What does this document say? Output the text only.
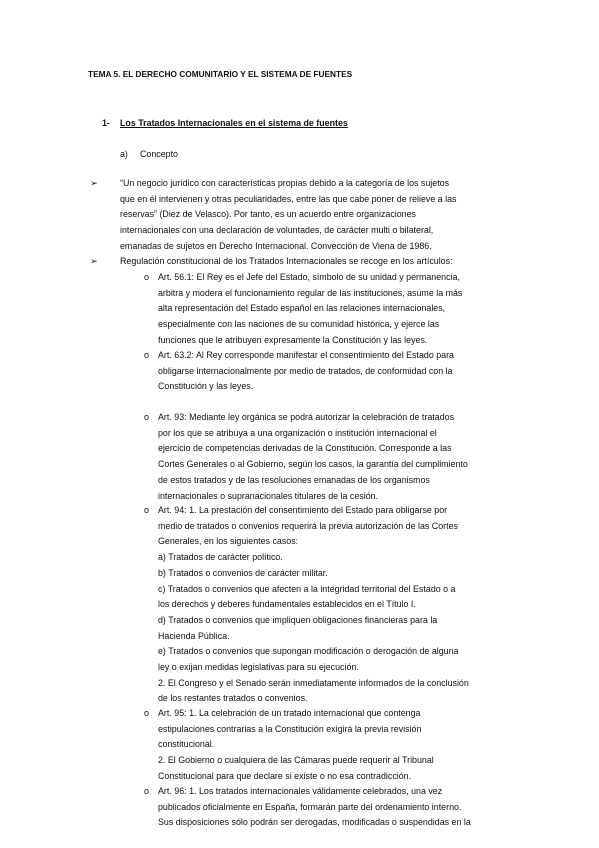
TEMA 5. EL DERECHO COMUNITARIO Y EL SISTEMA DE FUENTES
1- Los Tratados Internacionales en el sistema de fuentes
a) Concepto
➢ “Un negocio jurídico con características propias debido a la categoría de los sujetos
que en él intervienen y otras peculiaridades, entre las que cabe poner de relieve a las
reservas” (Diez de Velasco). Por tanto, es un acuerdo entre organizaciones
internacionales con una declaración de voluntades, de carácter multi o bilateral,
emanadas de sujetos en Derecho Internacional. Convección de Viena de 1986.
➢ Regulación constitucional de los Tratados Internacionales se recoge en los artículos:
o Art. 56.1: El Rey es el Jefe del Estado, símbolo de su unidad y permanencia,
arbitra y modera el funcionamiento regular de las instituciones, asume la más
alta representación del Estado español en las relaciones internacionales,
especialmente con las naciones de su comunidad histórica, y ejerce las
funciones que le atribuyen expresamente la Constitución y las leyes.
o Art. 63.2: Al Rey corresponde manifestar el consentimiento del Estado para
obligarse internacionalmente por medio de tratados, de conformidad con la
Constitución y las leyes.
o Art. 93: Mediante ley orgánica se podrá autorizar la celebración de tratados
por los que se atribuya a una organización o institución internacional el
ejercicio de competencias derivadas de la Constitución. Corresponde a las
Cortes Generales o al Gobierno, según los casos, la garantía del cumplimiento
de estos tratados y de las resoluciones emanadas de los organismos
internacionales o supranacionales titulares de la cesión.
o Art. 94: 1. La prestación del consentimiento del Estado para obligarse por
medio de tratados o convenios requerirá la previa autorización de las Cortes
Generales, en los siguientes casos:
a) Tratados de carácter político.
b) Tratados o convenios de carácter militar.
c) Tratados o convenios que afecten a la integridad territorial del Estado o a
los derechos y deberes fundamentales establecidos en el Título I.
d) Tratados o convenios que impliquen obligaciones financieras para la
Hacienda Pública.
e) Tratados o convenios que supongan modificación o derogación de alguna
ley o exijan medidas legislativas para su ejecución.
2. El Congreso y el Senado serán inmediatamente informados de la conclusión
de los restantes tratados o convenios.
o Art. 95: 1. La celebración de un tratado internacional que contenga
estipulaciones contrarias a la Constitución exigirá la previa revisión
constitucional.
2. El Gobierno o cualquiera de las Cámaras puede requerir al Tribunal
Constitucional para que declare si existe o no esa contradicción.
o Art. 96: 1. Los tratados internacionales válidamente celebrados, una vez
publicados oficialmente en España, formarán parte del ordenamiento interno.
Sus disposiciones sólo podrán ser derogadas, modificadas o suspendidas en la
